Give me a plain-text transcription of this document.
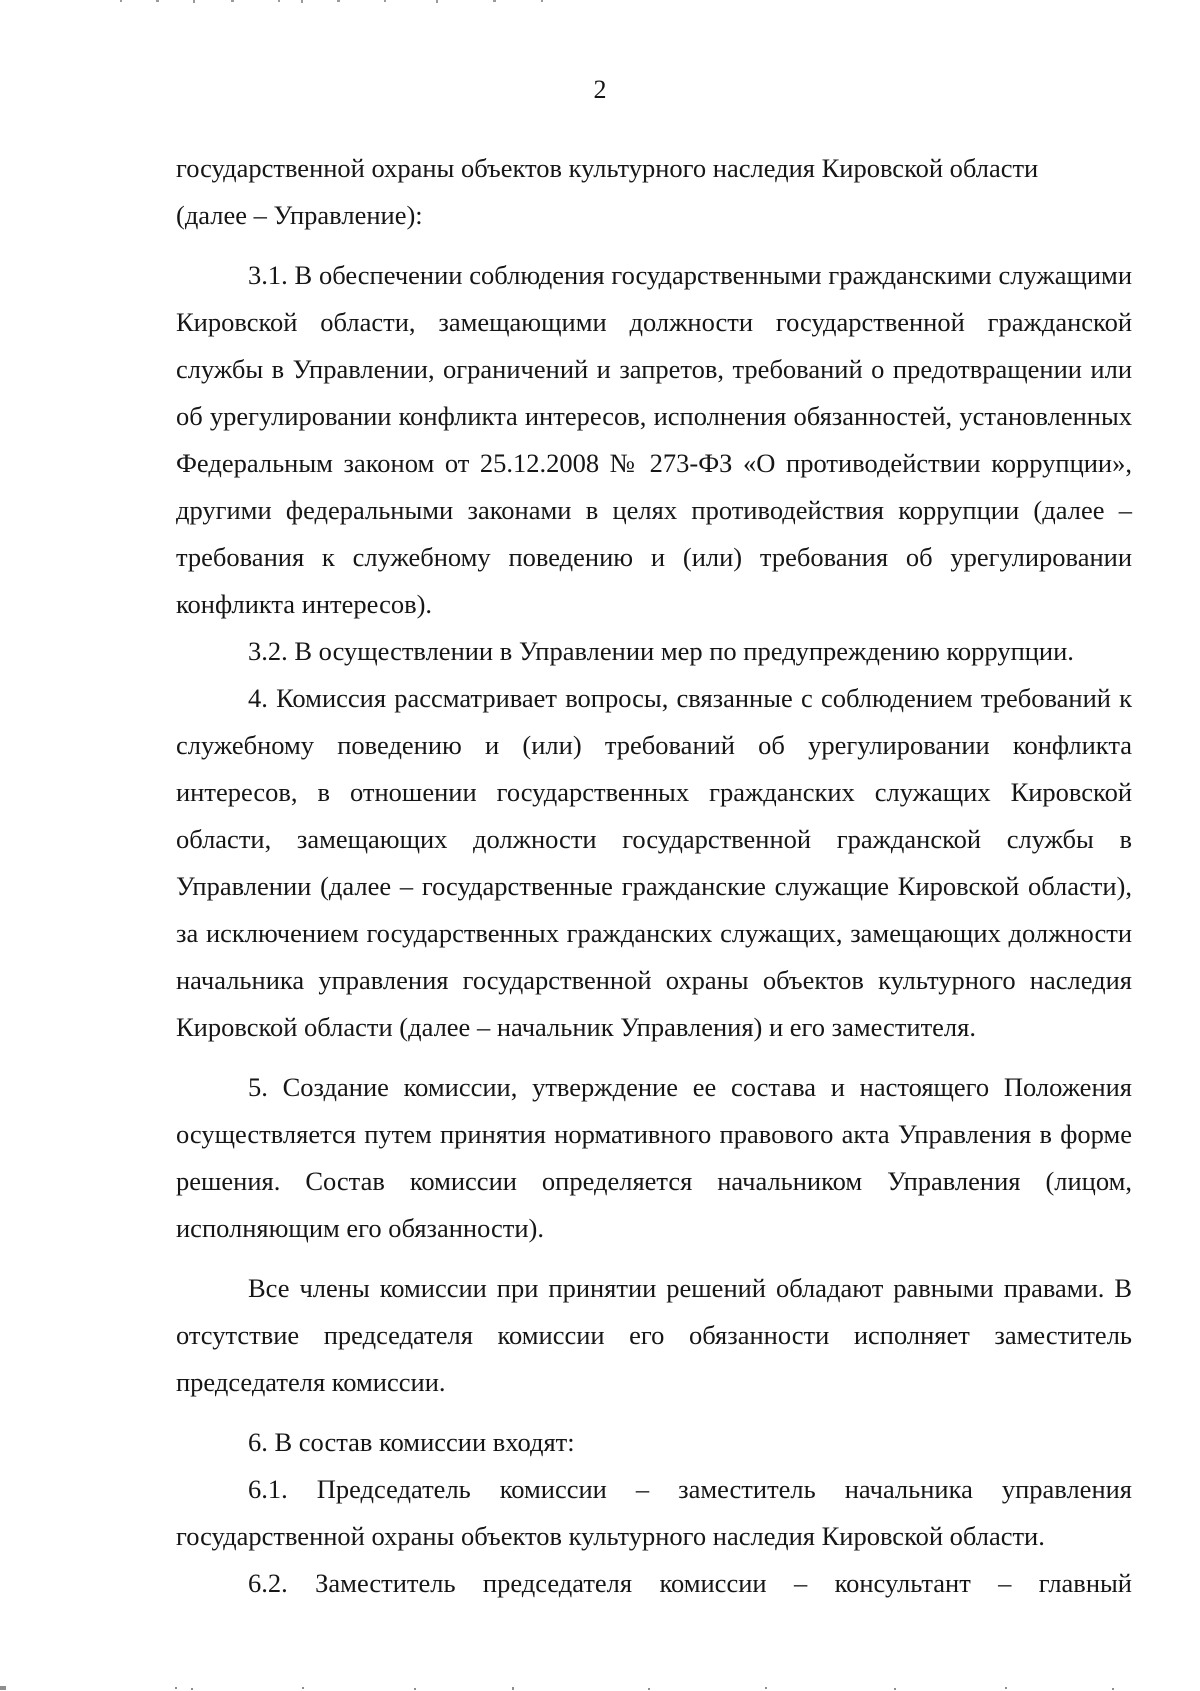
2

государственной охраны объектов культурного наследия Кировской области
(далее – Управление):

3.1. В обеспечении соблюдения государственными гражданскими служащими Кировской области, замещающими должности государственной гражданской службы в Управлении, ограничений и запретов, требований о предотвращении или об урегулировании конфликта интересов, исполнения обязанностей, установленных Федеральным законом от 25.12.2008 № 273-ФЗ «О противодействии коррупции», другими федеральными законами в целях противодействия коррупции (далее – требования к служебному поведению и (или) требования об урегулировании конфликта интересов).

3.2. В осуществлении в Управлении мер по предупреждению коррупции.

4. Комиссия рассматривает вопросы, связанные с соблюдением требований к служебному поведению и (или) требований об урегулировании конфликта интересов, в отношении государственных гражданских служащих Кировской области, замещающих должности государственной гражданской службы в Управлении (далее – государственные гражданские служащие Кировской области), за исключением государственных гражданских служащих, замещающих должности начальника управления государственной охраны объектов культурного наследия Кировской области (далее – начальник Управления) и его заместителя.

5. Создание комиссии, утверждение ее состава и настоящего Положения осуществляется путем принятия нормативного правового акта Управления в форме решения. Состав комиссии определяется начальником Управления (лицом, исполняющим его обязанности).

Все члены комиссии при принятии решений обладают равными правами. В отсутствие председателя комиссии его обязанности исполняет заместитель председателя комиссии.

6. В состав комиссии входят:

6.1. Председатель комиссии – заместитель начальника управления государственной охраны объектов культурного наследия Кировской области.

6.2. Заместитель председателя комиссии – консультант – главный
